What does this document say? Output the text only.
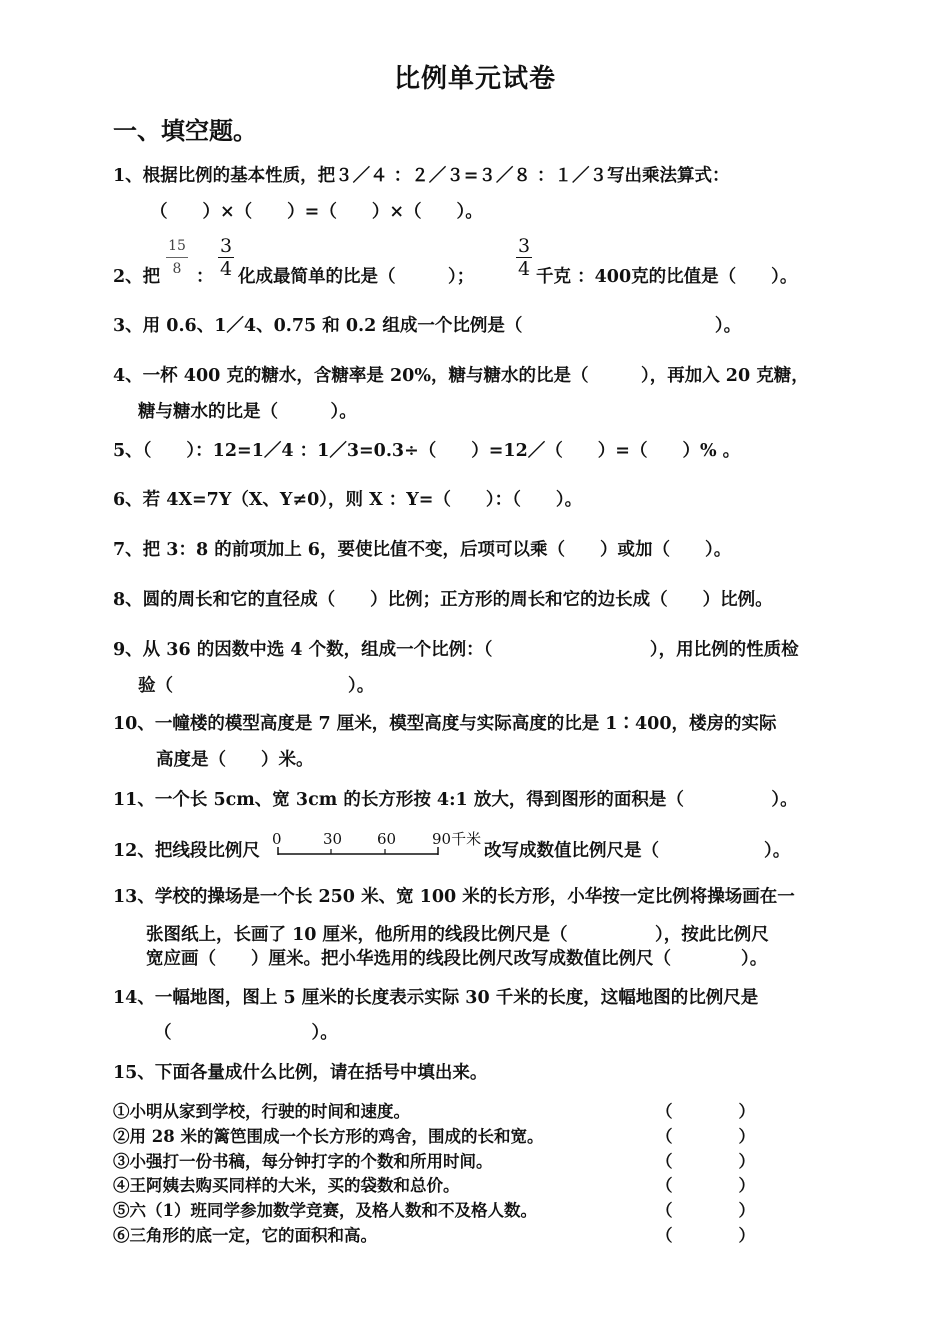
比例单元试卷
一、填空题。
1、根据比例的基本性质，把３／４ ：２／３=３／８ ：１／３写出乘法算式：
（　　）×（　　）=（　　）×（　　）。
2、把
15
8 ：
3
4 化成最简单的比是（　　　）；
3
4 千克 ：400克的比值是（　　）。
3、用 0.6、1／4、0.75 和 0.2 组成一个比例是（　　　　　　　　　　　）。
4、一杯 400 克的糖水，含糖率是 20%，糖与糖水的比是（　　　），再加入 20 克糖，
糖与糖水的比是（　　　）。
5、（　　）：12=1／4 ：1／3=0.3÷（　　）=12／（　　）=（　　）% 。
6、若 4X=7Y（X、Y≠0），则 X ：Y=（　　）：（　　）。
7、把 3：8 的前项加上 6，要使比值不变，后项可以乘（　　）或加（　　）。
8、圆的周长和它的直径成（　　）比例；正方形的周长和它的边长成（　　）比例。
9、从 36 的因数中选 4 个数，组成一个比例：（　　　　　　　　　），用比例的性质检
验（　　　　　　　　　　）。
10、一幢楼的模型高度是 7 厘米，模型高度与实际高度的比是 1∶400，楼房的实际
高度是（　　）米。
11、一个长 5cm、宽 3cm 的长方形按 4:1 放大，得到图形的面积是（　　　　　）。
12、把线段比例尺
0	30 60 90千米
改写成数值比例尺是（　　　　　　）。
13、学校的操场是一个长 250 米、宽 100 米的长方形，小华按一定比例将操场画在一
张图纸上，长画了 10 厘米，他所用的线段比例尺是（　　　　　），按此比例尺
宽应画（　　）厘米。把小华选用的线段比例尺改写成数值比例尺（　　　　）。
14、一幅地图，图上 5 厘米的长度表示实际 30 千米的长度，这幅地图的比例尺是
（　　　　　　　　）。
15、下面各量成什么比例，请在括号中填出来。
①小明从家到学校，行驶的时间和速度。	（　　　　）
②用 28 米的篱笆围成一个长方形的鸡舍，围成的长和宽。	（　　　　）
③小强打一份书稿，每分钟打字的个数和所用时间。	（　　　　）
④王阿姨去购买同样的大米，买的袋数和总价。	（　　　　）
⑤六（1）班同学参加数学竞赛，及格人数和不及格人数。	（　　　　）
⑥三角形的底一定，它的面积和高。	（　　　　）
